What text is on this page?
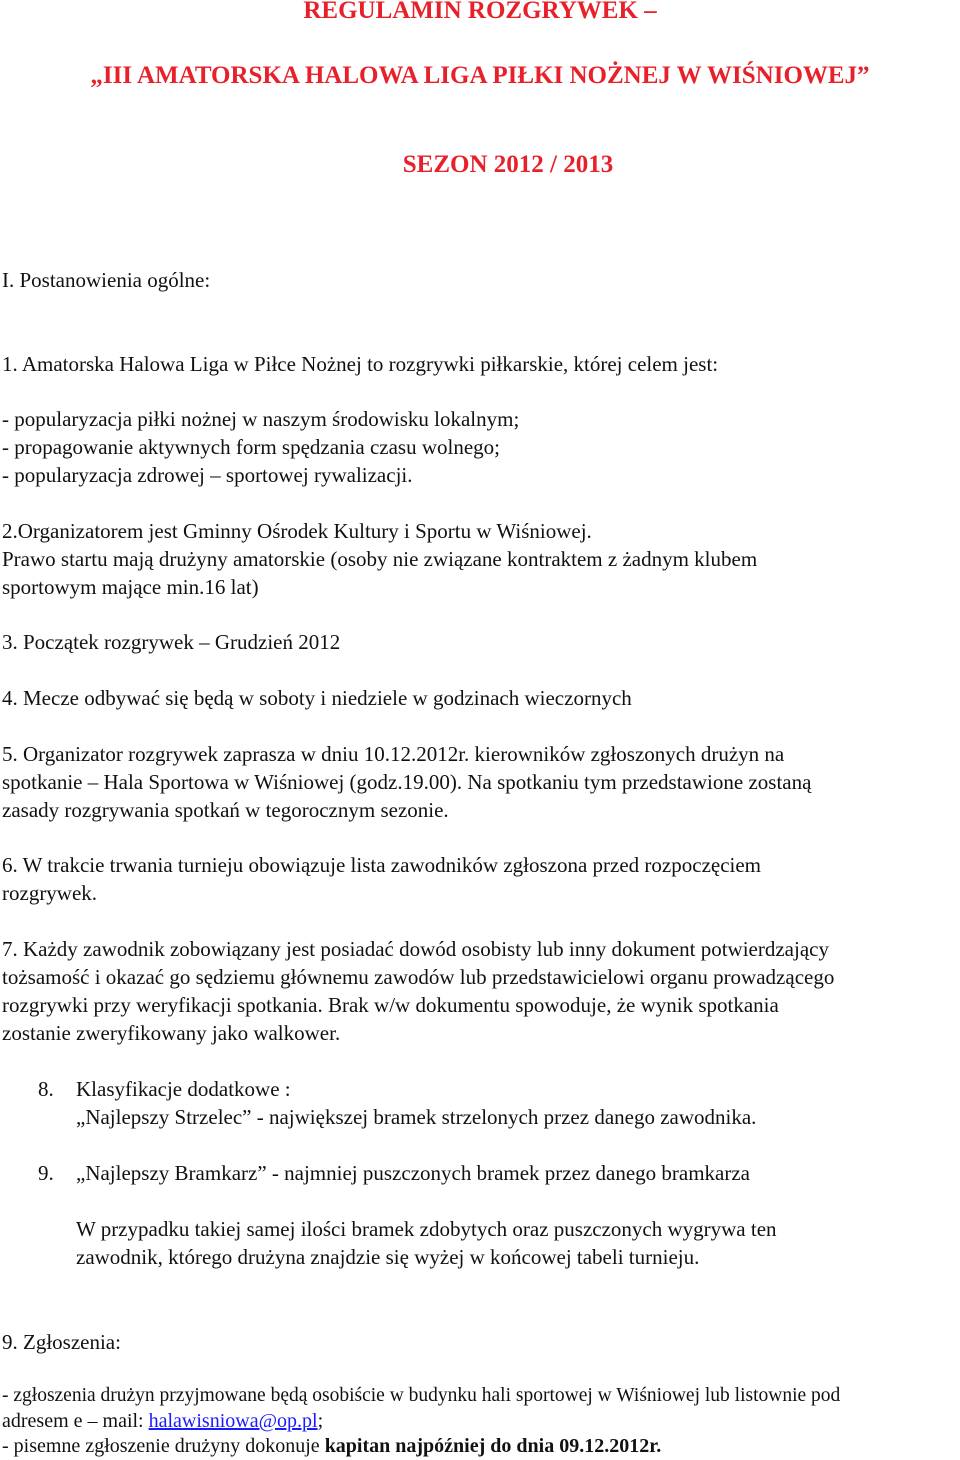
REGULAMIN ROZGRYWEK –
„III AMATORSKA HALOWA LIGA PIŁKI NOŻNEJ W WIŚNIOWEJ”
SEZON 2012 / 2013
I. Postanowienia ogólne:
1. Amatorska Halowa Liga w Piłce Nożnej to rozgrywki piłkarskie, której celem jest:
- popularyzacja piłki nożnej w naszym środowisku lokalnym;
- propagowanie aktywnych form spędzania czasu wolnego;
- popularyzacja zdrowej – sportowej rywalizacji.
2.Organizatorem jest Gminny Ośrodek Kultury i Sportu w Wiśniowej.
Prawo startu mają drużyny amatorskie (osoby nie związane kontraktem z żadnym klubem
sportowym mające min.16 lat)
3. Początek rozgrywek – Grudzień 2012
4. Mecze odbywać się będą w soboty i niedziele w godzinach wieczornych
5. Organizator rozgrywek zaprasza w dniu 10.12.2012r. kierowników zgłoszonych drużyn na
spotkanie – Hala Sportowa w Wiśniowej (godz.19.00). Na spotkaniu tym przedstawione zostaną
zasady rozgrywania spotkań w tegorocznym sezonie.
6. W trakcie trwania turnieju obowiązuje lista zawodników zgłoszona przed rozpoczęciem
rozgrywek.
7. Każdy zawodnik zobowiązany jest posiadać dowód osobisty lub inny dokument potwierdzający
tożsamość i okazać go sędziemu głównemu zawodów lub przedstawicielowi organu prowadzącego
rozgrywki przy weryfikacji spotkania. Brak w/w dokumentu spowoduje, że wynik spotkania
zostanie zweryfikowany jako walkower.
8. Klasyfikacje dodatkowe :
„Najlepszy Strzelec” - największej bramek strzelonych przez danego zawodnika.
9. „Najlepszy Bramkarz” - najmniej puszczonych bramek przez danego bramkarza
W przypadku takiej samej ilości bramek zdobytych oraz puszczonych wygrywa ten
zawodnik, którego drużyna znajdzie się wyżej w końcowej tabeli turnieju.
9. Zgłoszenia:
- zgłoszenia drużyn przyjmowane będą osobiście w budynku hali sportowej w Wiśniowej lub listownie pod
adresem e – mail: halawisniowa@op.pl;
- pisemne zgłoszenie drużyny dokonuje kapitan najpóźniej do dnia 09.12.2012r.
